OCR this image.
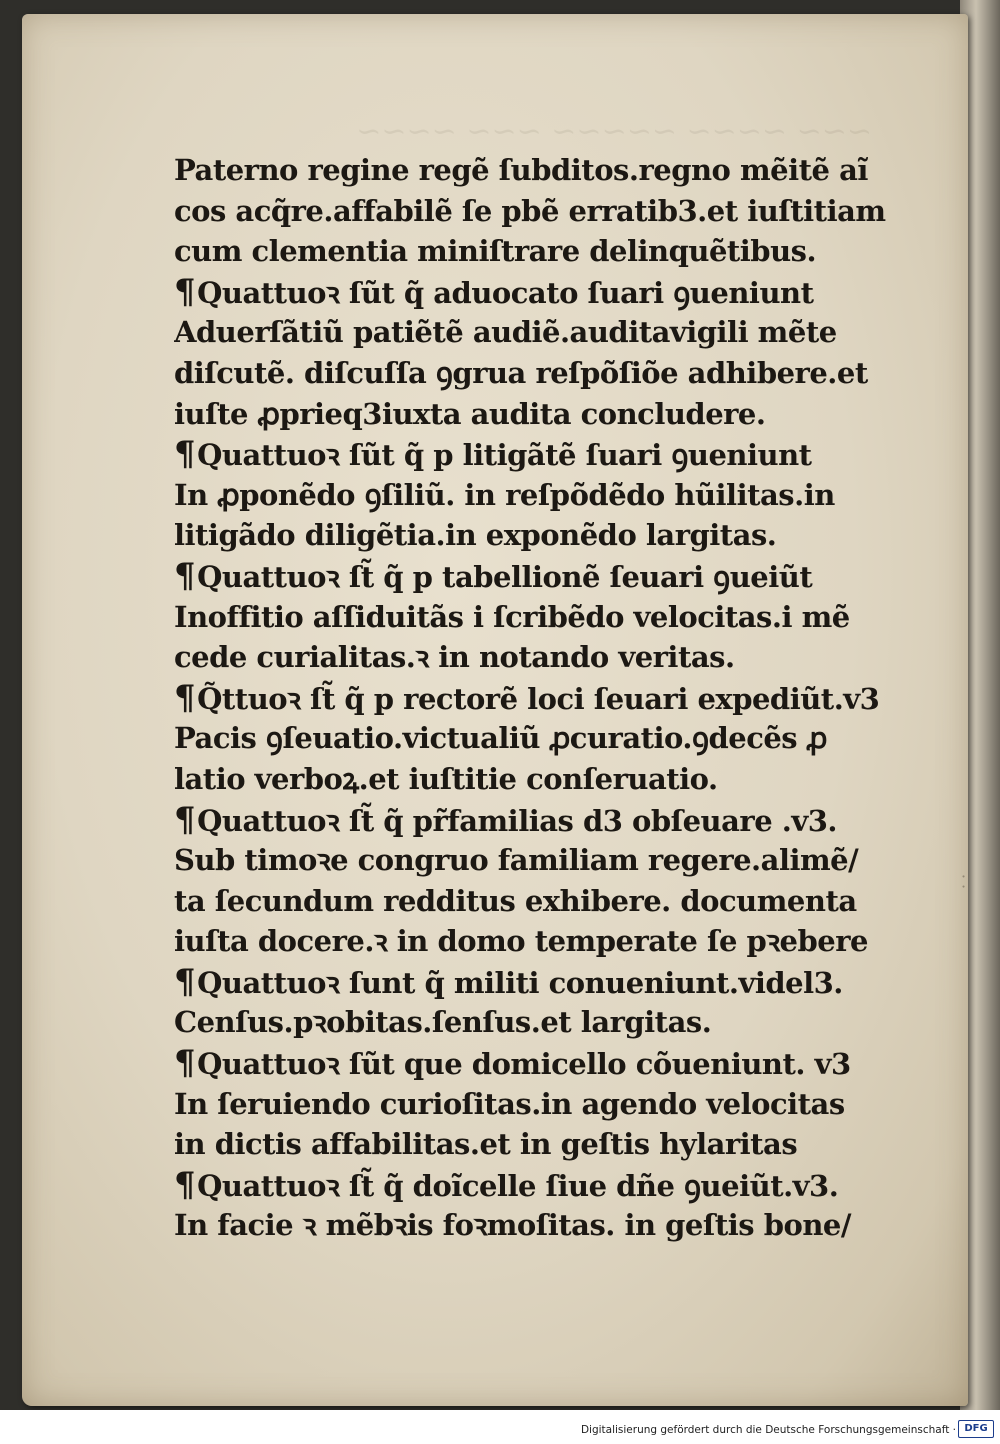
~~~ ~~~~ ~~~~~ ~~~ ~~~~
Paterno regine regẽ ſubditos.regno mẽitẽ aĩ
cos acq̃re.affabilẽ ſe pbẽ erratib3.et iuſtitiam
cum clementia miniſtrare delinquẽtibus.
¶Quattuoꝛ ſũt q̃ aduocato ſuari ꝯueniunt
Aduerſãtiũ patiẽtẽ audiẽ.auditavigili mẽte
diſcutẽ. diſcuſſa ꝯgrua reſpõſiõe adhibere.et
iuſte ꝓprieq3iuxta audita concludere.
¶Quattuoꝛ ſũt q̃ p litigãtẽ ſuari ꝯueniunt
In ꝓponẽdo ꝯſiliũ. in reſpõdẽdo hũilitas.in
litigãdo diligẽtia.in exponẽdo largitas.
¶Quattuoꝛ ſt̃ q̃ p tabellionẽ ſeuari ꝯueiũt
Inoffitio aſſiduitãs i ſcribẽdo velocitas.i mẽ
cede curialitas.ꝛ in notando veritas.
¶Q̃ttuoꝛ ſt̃ q̃ p rectorẽ loci ſeuari expediũt.v3
Pacis ꝯſeuatio.victualiũ ꝓcuratio.ꝯdecẽs ꝓ
latio verboꝝ.et iuſtitie conſeruatio.
¶Quattuoꝛ ſt̃ q̃ pr̃familias d3 obſeuare .v3.
Sub timoꝛe congruo familiam regere.alimẽ/
ta ſecundum redditus exhibere. documenta
iuſta docere.ꝛ in domo temperate ſe pꝛebere
¶Quattuoꝛ ſunt q̃ militi conueniunt.videl3.
Cenſus.pꝛobitas.ſenſus.et largitas.
¶Quattuoꝛ ſũt que domicello cõueniunt. v3
In ſeruiendo curioſitas.in agendo velocitas
in dictis affabilitas.et in geſtis hylaritas
¶Quattuoꝛ ſt̃ q̃ doĩcelle ſiue dñe ꝯueiũt.v3.
In facie ꝛ mẽbꝛis foꝛmoſitas. in geſtis bone/
· ·
Digitalisierung gefördert durch die Deutsche Forschungsgemeinschaft · DFG
